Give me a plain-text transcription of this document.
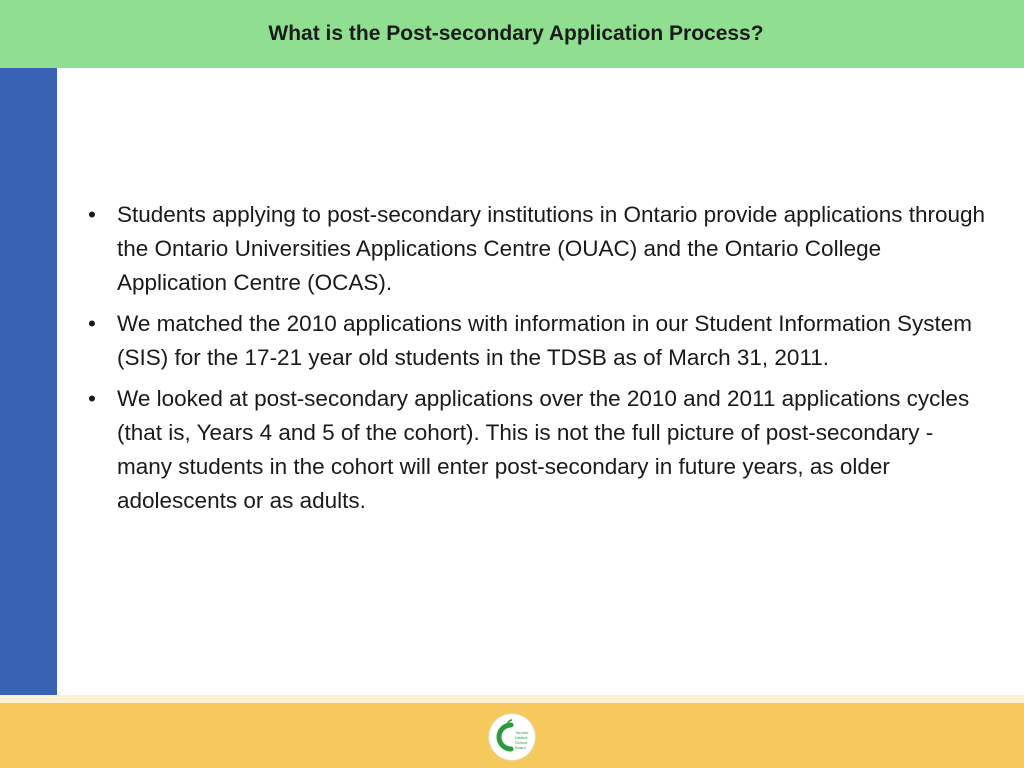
What is the Post-secondary Application Process?
• Students applying to post-secondary institutions in Ontario provide applications through the Ontario Universities Applications Centre (OUAC) and the Ontario College Application Centre (OCAS).
• We matched the 2010 applications with information in our Student Information System (SIS) for the 17-21 year old students in the TDSB as of March 31, 2011.
• We looked at post-secondary applications over the 2010 and 2011 applications cycles (that is, Years 4 and 5 of the cohort). This is not the full picture of post-secondary - many students in the cohort will enter post-secondary in future years, as older adolescents or as adults.
Toronto
District
School
Board
